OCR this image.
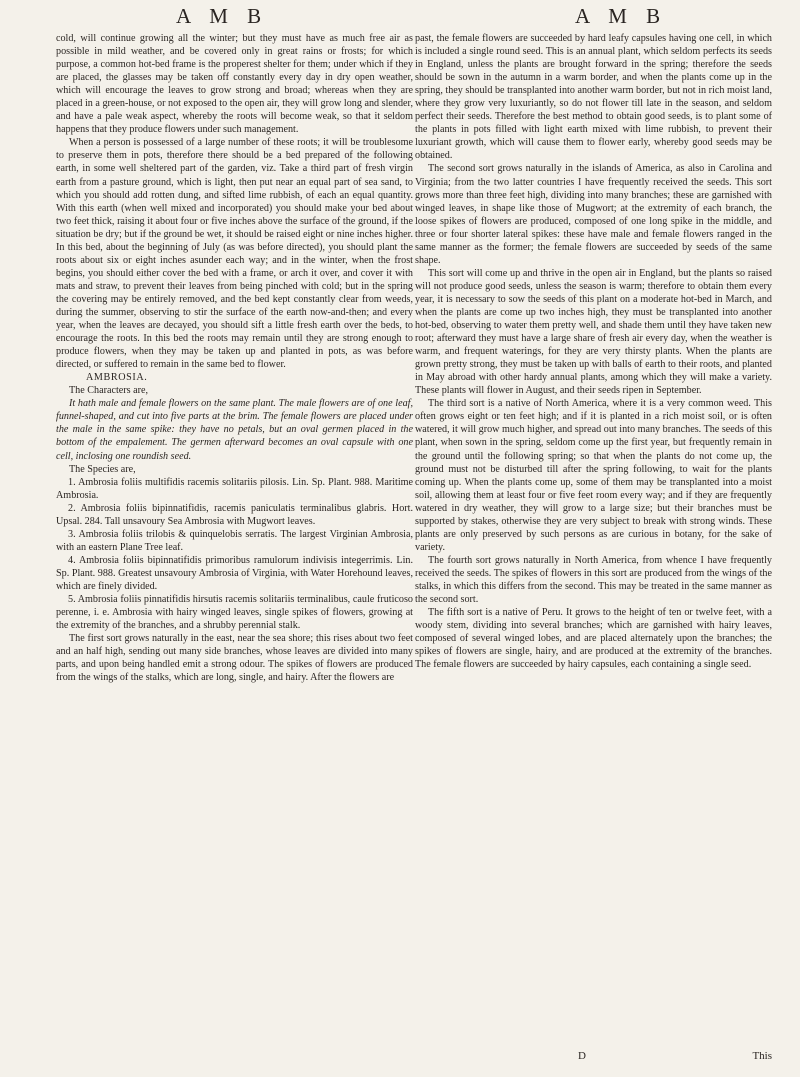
A M B	A M B

cold, will continue growing all the winter; but they must have as much free air as possible in mild weather, and be covered only in great rains or frosts; for which purpose, a common hot-bed frame is the properest shelter for them; under which if they are placed, the glasses may be taken off constantly every day in dry open weather, which will encourage the leaves to grow strong and broad; whereas when they are placed in a green-house, or not exposed to the open air, they will grow long and slender, and have a pale weak aspect, whereby the roots will become weak, so that it seldom happens that they produce flowers under such management.

When a person is possessed of a large number of these roots; it will be troublesome to preserve them in pots, therefore there should be a bed prepared of the following earth, in some well sheltered part of the garden, viz. Take a third part of fresh virgin earth from a pasture ground, which is light, then put near an equal part of sea sand, to which you should add rotten dung, and sifted lime rubbish, of each an equal quantity. With this earth (when well mixed and incorporated) you should make your bed about two feet thick, raising it about four or five inches above the surface of the ground, if the situation be dry; but if the ground be wet, it should be raised eight or nine inches higher. In this bed, about the beginning of July (as was before directed), you should plant the roots about six or eight inches asunder each way; and in the winter, when the frost begins, you should either cover the bed with a frame, or arch it over, and cover it with mats and straw, to prevent their leaves from being pinched with cold; but in the spring the covering may be entirely removed, and the bed kept constantly clear from weeds, during the summer, observing to stir the surface of the earth now-and-then; and every year, when the leaves are decayed, you should sift a little fresh earth over the beds, to encourage the roots. In this bed the roots may remain until they are strong enough to produce flowers, when they may be taken up and planted in pots, as was before directed, or suffered to remain in the same bed to flower.

AMBROSIA.

The Characters are,

It hath male and female flowers on the same plant. The male flowers are of one leaf, funnel-shaped, and cut into five parts at the brim. The female flowers are placed under the male in the same spike: they have no petals, but an oval germen placed in the bottom of the empalement. The germen afterward becomes an oval capsule with one cell, inclosing one roundish seed.

The Species are,

1. Ambrosia foliis multifidis racemis solitariis pilosis. Lin. Sp. Plant. 988. Maritime Ambrosia.

2. Ambrosia foliis bipinnatifidis, racemis paniculatis terminalibus glabris. Hort. Upsal. 284. Tall unsavoury Sea Ambrosia with Mugwort leaves.

3. Ambrosia foliis trilobis & quinquelobis serratis. The largest Virginian Ambrosia, with an eastern Plane Tree leaf.

4. Ambrosia foliis bipinnatifidis primoribus ramulorum indivisis integerrimis. Lin. Sp. Plant. 988. Greatest unsavoury Ambrosia of Virginia, with Water Horehound leaves, which are finely divided.

5. Ambrosia foliis pinnatifidis hirsutis racemis solitariis terminalibus, caule fruticoso perenne, i. e. Ambrosia with hairy winged leaves, single spikes of flowers, growing at the extremity of the branches, and a shrubby perennial stalk.

The first sort grows naturally in the east, near the sea shore; this rises about two feet and an half high, sending out many side branches, whose leaves are divided into many parts, and upon being handled emit a strong odour. The spikes of flowers are produced from the wings of the stalks, which are long, single, and hairy. After the flowers are

past, the female flowers are succeeded by hard leafy capsules having one cell, in which is included a single round seed. This is an annual plant, which seldom perfects its seeds in England, unless the plants are brought forward in the spring; therefore the seeds should be sown in the autumn in a warm border, and when the plants come up in the spring, they should be transplanted into another warm border, but not in rich moist land, where they grow very luxuriantly, so do not flower till late in the season, and seldom perfect their seeds. Therefore the best method to obtain good seeds, is to plant some of the plants in pots filled with light earth mixed with lime rubbish, to prevent their luxuriant growth, which will cause them to flower early, whereby good seeds may be obtained.

The second sort grows naturally in the islands of America, as also in Carolina and Virginia; from the two latter countries I have frequently received the seeds. This sort grows more than three feet high, dividing into many branches; these are garnished with winged leaves, in shape like those of Mugwort; at the extremity of each branch, the loose spikes of flowers are produced, composed of one long spike in the middle, and three or four shorter lateral spikes: these have male and female flowers ranged in the same manner as the former; the female flowers are succeeded by seeds of the same shape.

This sort will come up and thrive in the open air in England, but the plants so raised will not produce good seeds, unless the season is warm; therefore to obtain them every year, it is necessary to sow the seeds of this plant on a moderate hot-bed in March, and when the plants are come up two inches high, they must be transplanted into another hot-bed, observing to water them pretty well, and shade them until they have taken new root; afterward they must have a large share of fresh air every day, when the weather is warm, and frequent waterings, for they are very thirsty plants. When the plants are grown pretty strong, they must be taken up with balls of earth to their roots, and planted in May abroad with other hardy annual plants, among which they will make a variety. These plants will flower in August, and their seeds ripen in September.

The third sort is a native of North America, where it is a very common weed. This often grows eight or ten feet high; and if it is planted in a rich moist soil, or is often watered, it will grow much higher, and spread out into many branches. The seeds of this plant, when sown in the spring, seldom come up the first year, but frequently remain in the ground until the following spring; so that when the plants do not come up, the ground must not be disturbed till after the spring following, to wait for the plants coming up. When the plants come up, some of them may be transplanted into a moist soil, allowing them at least four or five feet room every way; and if they are frequently watered in dry weather, they will grow to a large size; but their branches must be supported by stakes, otherwise they are very subject to break with strong winds. These plants are only preserved by such persons as are curious in botany, for the sake of variety.

The fourth sort grows naturally in North America, from whence I have frequently received the seeds. The spikes of flowers in this sort are produced from the wings of the stalks, in which this differs from the second. This may be treated in the same manner as the second sort.

The fifth sort is a native of Peru. It grows to the height of ten or twelve feet, with a woody stem, dividing into several branches; which are garnished with hairy leaves, composed of several winged lobes, and are placed alternately upon the branches; the spikes of flowers are single, hairy, and are produced at the extremity of the branches. The female flowers are succeeded by hairy capsules, each containing a single seed.

D	This
